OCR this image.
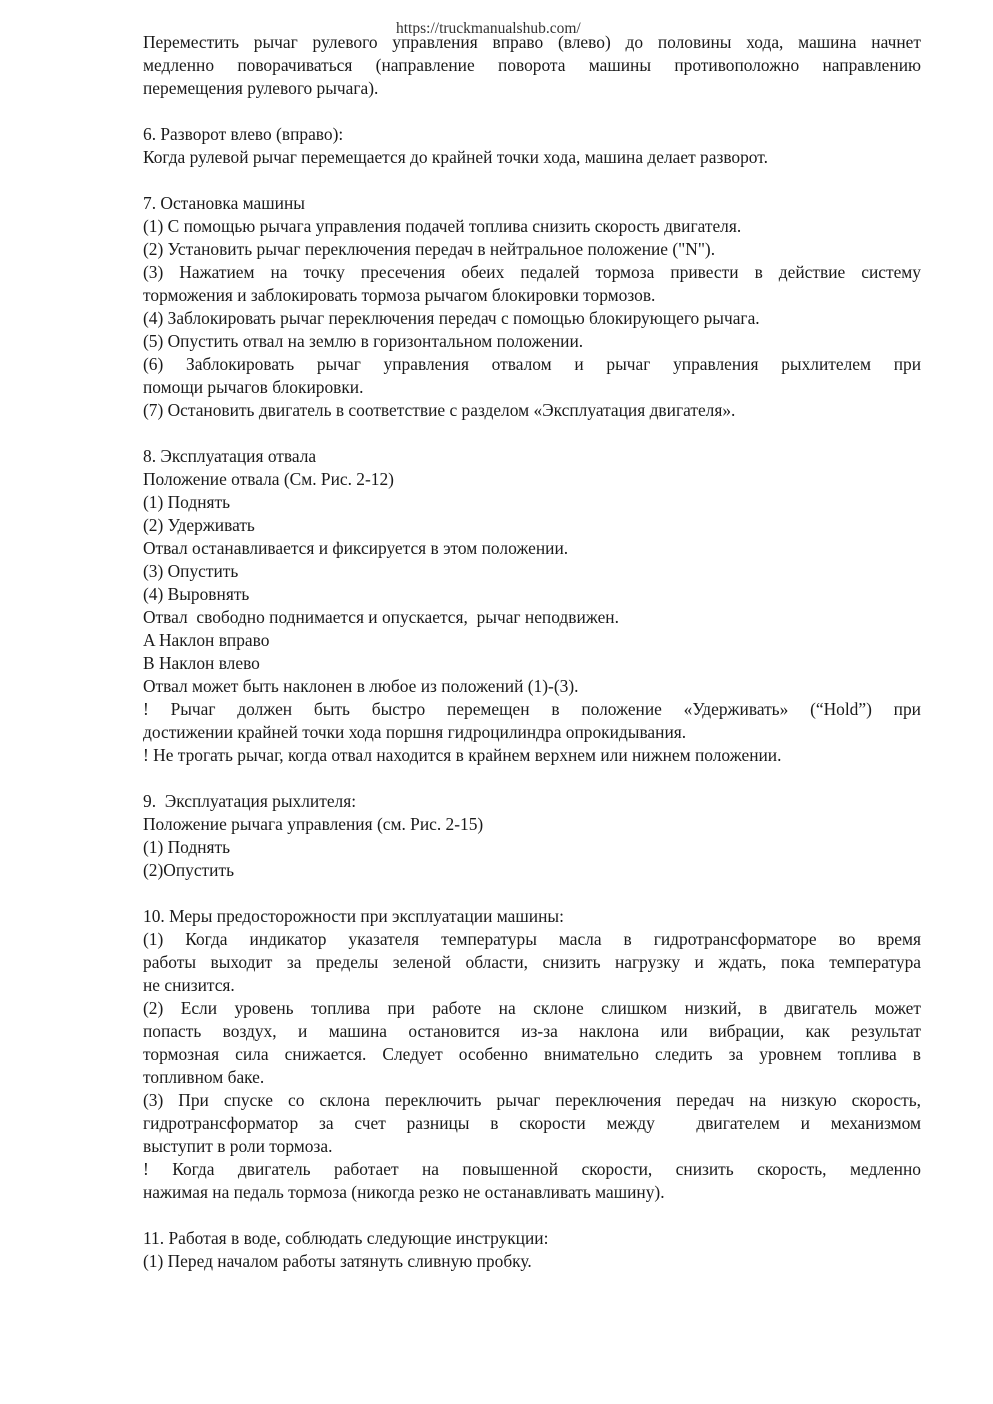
https://truckmanualshub.com/
Переместить рычаг рулевого управления вправо (влево) до половины хода, машина начнет
медленно поворачиваться (направление поворота машины противоположно направлению
перемещения рулевого рычага).
6. Разворот влево (вправо):
Когда рулевой рычаг перемещается до крайней точки хода, машина делает разворот.
7. Остановка машины
(1) С помощью рычага управления подачей топлива снизить скорость двигателя.
(2) Установить рычаг переключения передач в нейтральное положение ("N").
(3) Нажатием на точку пресечения обеих педалей тормоза привести в действие систему
торможения и заблокировать тормоза рычагом блокировки тормозов.
(4) Заблокировать рычаг переключения передач с помощью блокирующего рычага.
(5) Опустить отвал на землю в горизонтальном положении.
(6) Заблокировать рычаг управления отвалом и рычаг управления рыхлителем при
помощи рычагов блокировки.
(7) Остановить двигатель в соответствие с разделом «Эксплуатация двигателя».
8. Эксплуатация отвала
Положение отвала (См. Рис. 2-12)
(1) Поднять
(2) Удерживать
Отвал останавливается и фиксируется в этом положении.
(3) Опустить
(4) Выровнять
Отвал  свободно поднимается и опускается,  рычаг неподвижен.
A Наклон вправо
B Наклон влево
Отвал может быть наклонен в любое из положений (1)-(3).
! Рычаг должен быть быстро перемещен в положение «Удерживать» (“Hold”) при
достижении крайней точки хода поршня гидроцилиндра опрокидывания.
! Не трогать рычаг, когда отвал находится в крайнем верхнем или нижнем положении.
9.  Эксплуатация рыхлителя:
Положение рычага управления (см. Рис. 2-15)
(1) Поднять
(2)Опустить
10. Меры предосторожности при эксплуатации машины:
(1) Когда индикатор указателя температуры масла в гидротрансформаторе во время
работы выходит за пределы зеленой области, снизить нагрузку и ждать, пока температура
не снизится.
(2) Если уровень топлива при работе на склоне слишком низкий, в двигатель может
попасть воздух, и машина остановится из-за наклона или вибрации, как результат
тормозная сила снижается. Следует особенно внимательно следить за уровнем топлива в
топливном баке.
(3) При спуске со склона переключить рычаг переключения передач на низкую скорость,
гидротрансформатор за счет разницы в скорости между  двигателем и механизмом
выступит в роли тормоза.
! Когда двигатель работает на повышенной скорости, снизить скорость, медленно
нажимая на педаль тормоза (никогда резко не останавливать машину).
11. Работая в воде, соблюдать следующие инструкции:
(1) Перед началом работы затянуть сливную пробку.
